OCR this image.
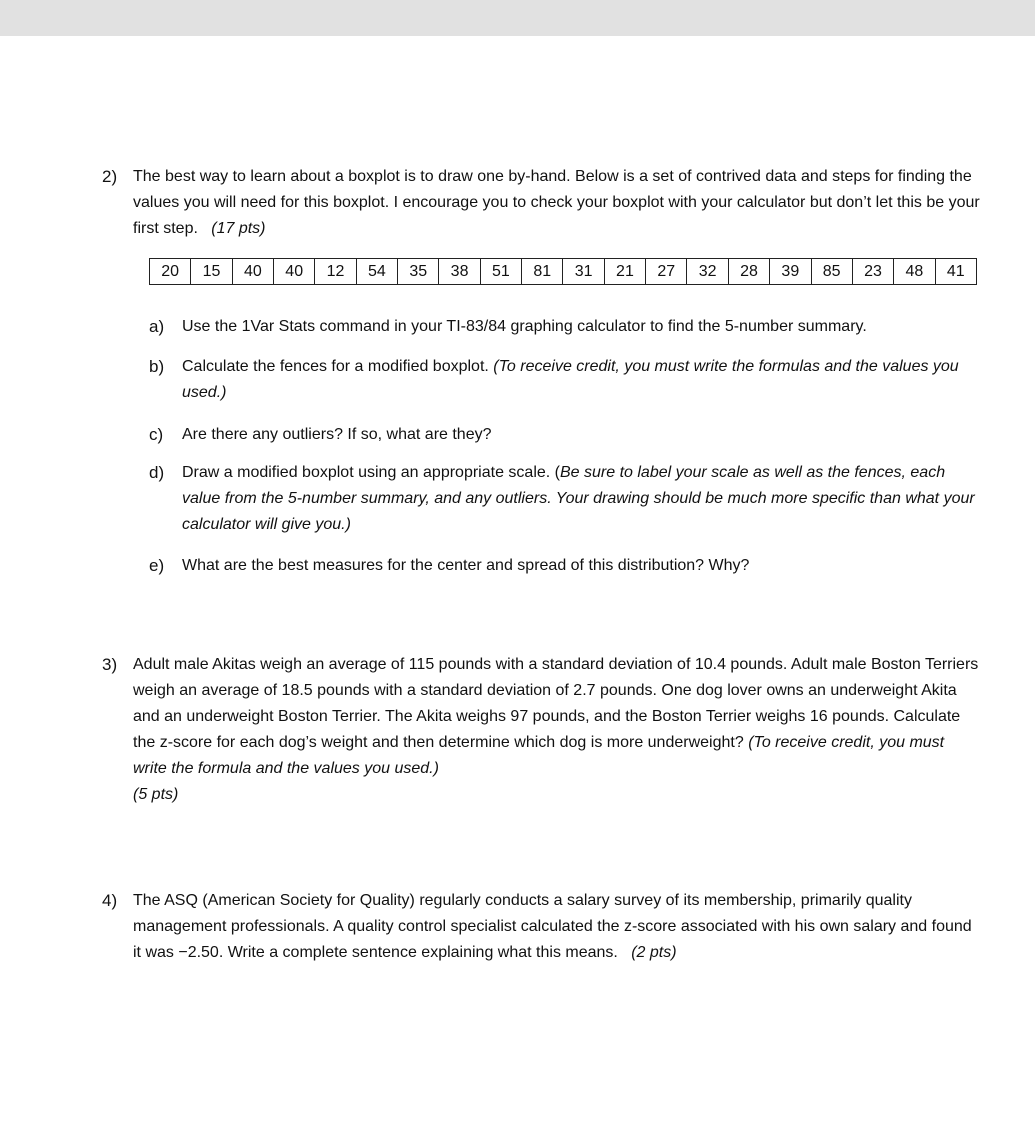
2) The best way to learn about a boxplot is to draw one by-hand. Below is a set of contrived data and steps for finding the values you will need for this boxplot. I encourage you to check your boxplot with your calculator but don’t let this be your first step. (17 pts)
20	15	40	40	12	54	35	38	51	81	31	21	27	32	28	39	85	23	48	41
a)	Use the 1Var Stats command in your TI-83/84 graphing calculator to find the 5-number summary.
b)	Calculate the fences for a modified boxplot. (To receive credit, you must write the formulas and the values you used.)
c)	Are there any outliers? If so, what are they?
d)	Draw a modified boxplot using an appropriate scale. (Be sure to label your scale as well as the fences, each value from the 5-number summary, and any outliers. Your drawing should be much more specific than what your calculator will give you.)
e)	What are the best measures for the center and spread of this distribution? Why?
3) Adult male Akitas weigh an average of 115 pounds with a standard deviation of 10.4 pounds. Adult male Boston Terriers weigh an average of 18.5 pounds with a standard deviation of 2.7 pounds. One dog lover owns an underweight Akita and an underweight Boston Terrier. The Akita weighs 97 pounds, and the Boston Terrier weighs 16 pounds. Calculate the z-score for each dog’s weight and then determine which dog is more underweight? (To receive credit, you must write the formula and the values you used.)
(5 pts)
4) The ASQ (American Society for Quality) regularly conducts a salary survey of its membership, primarily quality management professionals. A quality control specialist calculated the z-score associated with his own salary and found it was −2.50. Write a complete sentence explaining what this means. (2 pts)
